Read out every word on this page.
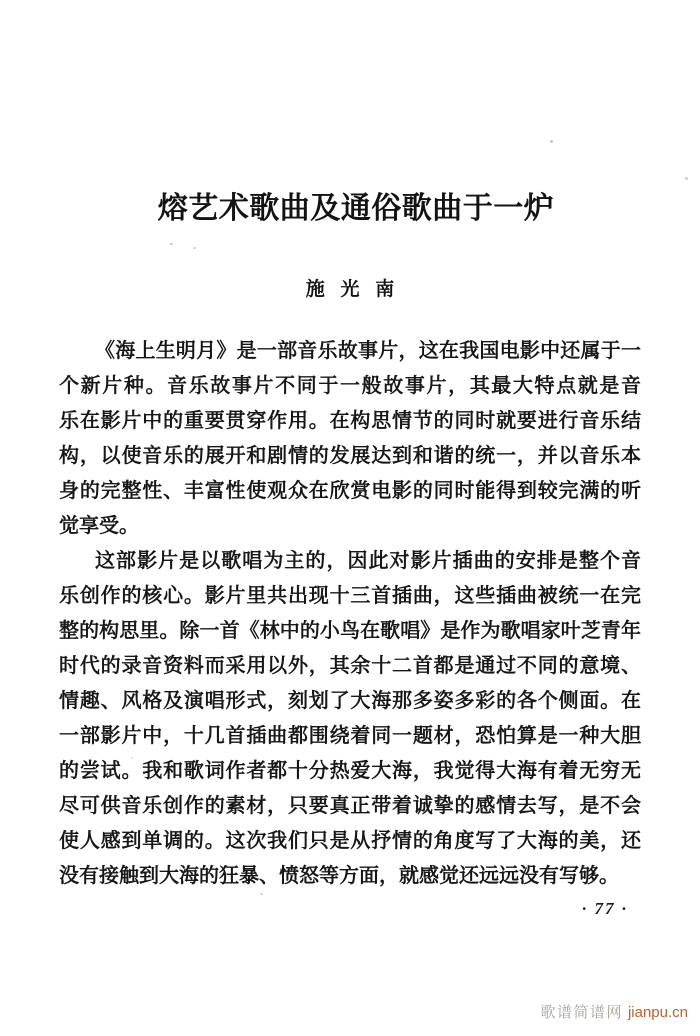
熔艺术歌曲及通俗歌曲于一炉
施 光 南
《海上生明月》是一部音乐故事片，这在我国电影中还属于一
个新片种。音乐故事片不同于一般故事片，其最大特点就是音
乐在影片中的重要贯穿作用。在构思情节的同时就要进行音乐结
构，以使音乐的展开和剧情的发展达到和谐的统一，并以音乐本
身的完整性、丰富性使观众在欣赏电影的同时能得到较完满的听
觉享受。
这部影片是以歌唱为主的，因此对影片插曲的安排是整个音
乐创作的核心。影片里共出现十三首插曲，这些插曲被统一在完
整的构思里。除一首《林中的小鸟在歌唱》是作为歌唱家叶芝青年
时代的录音资料而采用以外，其余十二首都是通过不同的意境、
情趣、风格及演唱形式，刻划了大海那多姿多彩的各个侧面。在
一部影片中，十几首插曲都围绕着同一题材，恐怕算是一种大胆
的尝试。我和歌词作者都十分热爱大海，我觉得大海有着无穷无
尽可供音乐创作的素材，只要真正带着诚挚的感情去写，是不会
使人感到单调的。这次我们只是从抒情的角度写了大海的美，还
没有接触到大海的狂暴、愤怒等方面，就感觉还远远没有写够。
· 77 ·
歌谱简谱网 jianpu.cn
